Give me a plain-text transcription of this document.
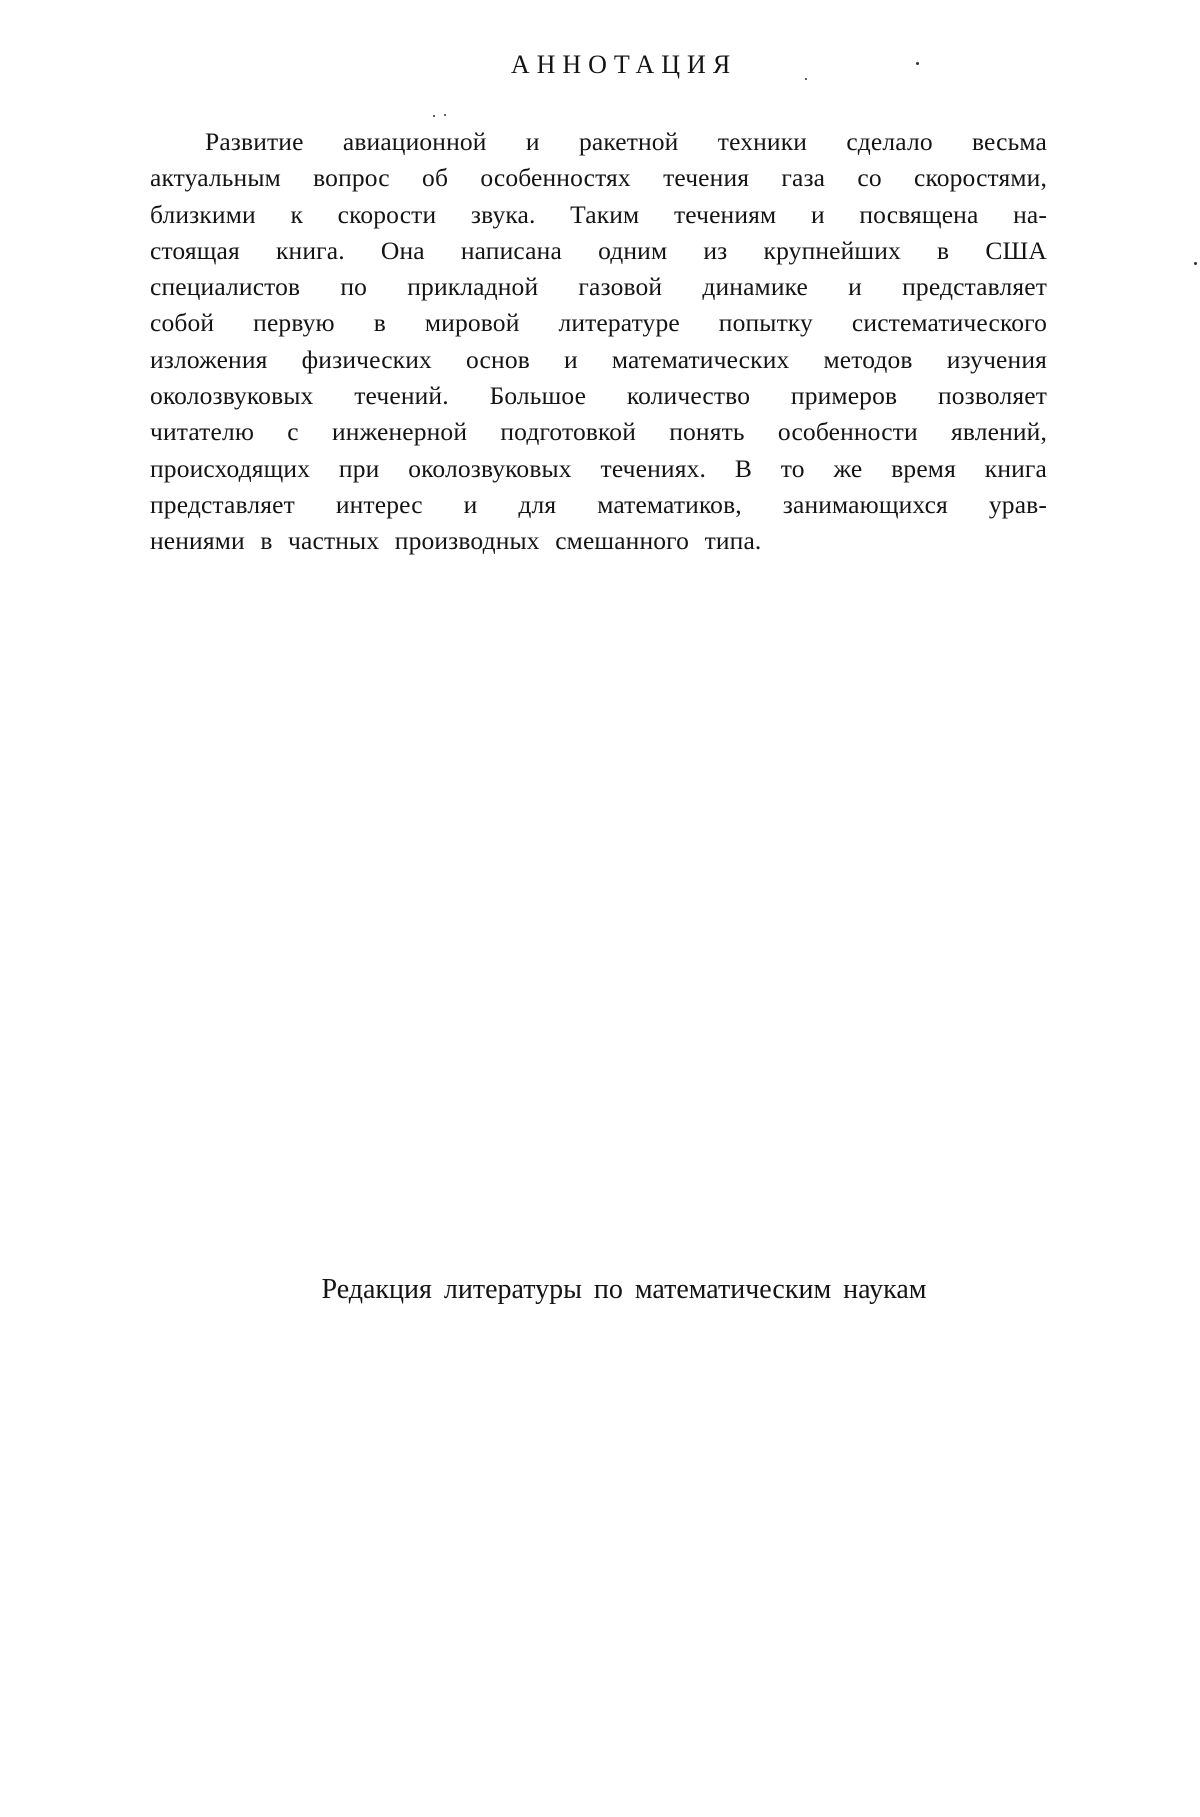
АННОТАЦИЯ
Развитие авиационной и ракетной техники сделало весьма
актуальным вопрос об особенностях течения газа со скоростями,
близкими к скорости звука. Таким течениям и посвящена на-
стоящая книга. Она написана одним из крупнейших в США
специалистов по прикладной газовой динамике и представляет
собой первую в мировой литературе попытку систематического
изложения физических основ и математических методов изучения
околозвуковых течений. Большое количество примеров позволяет
читателю с инженерной подготовкой понять особенности явлений,
происходящих при околозвуковых течениях. В то же время книга
представляет интерес и для математиков, занимающихся урав-
нениями в частных производных смешанного типа.
Редакция литературы по математическим наукам
